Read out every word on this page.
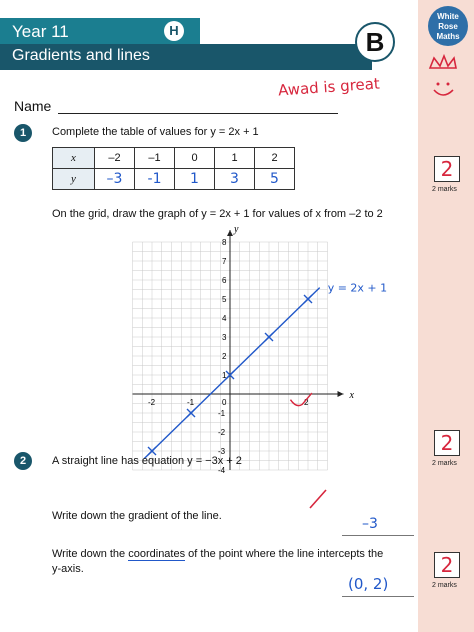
Year 11	H
Gradients and lines	B
White
Rose
Maths
Awad is great
Name
1	Complete the table of values for y = 2x + 1
x	–2	–1	0	1	2
y	–3	-1	1	3	5	2
2 marks
On the grid, draw the graph of y = 2x + 1 for values of x from –2 to 2
x
y
-2	-1	0	2
8
7
6
5
4
3
2
1
-1
-2
-3
-4
y = 2x + 1
2
2 marks
2	A straight line has equation y = −3x + 2
Write down the gradient of the line.	–3
Write down the coordinates of the point where the line intercepts the
y-axis.
(0, 2)
2
2 marks
